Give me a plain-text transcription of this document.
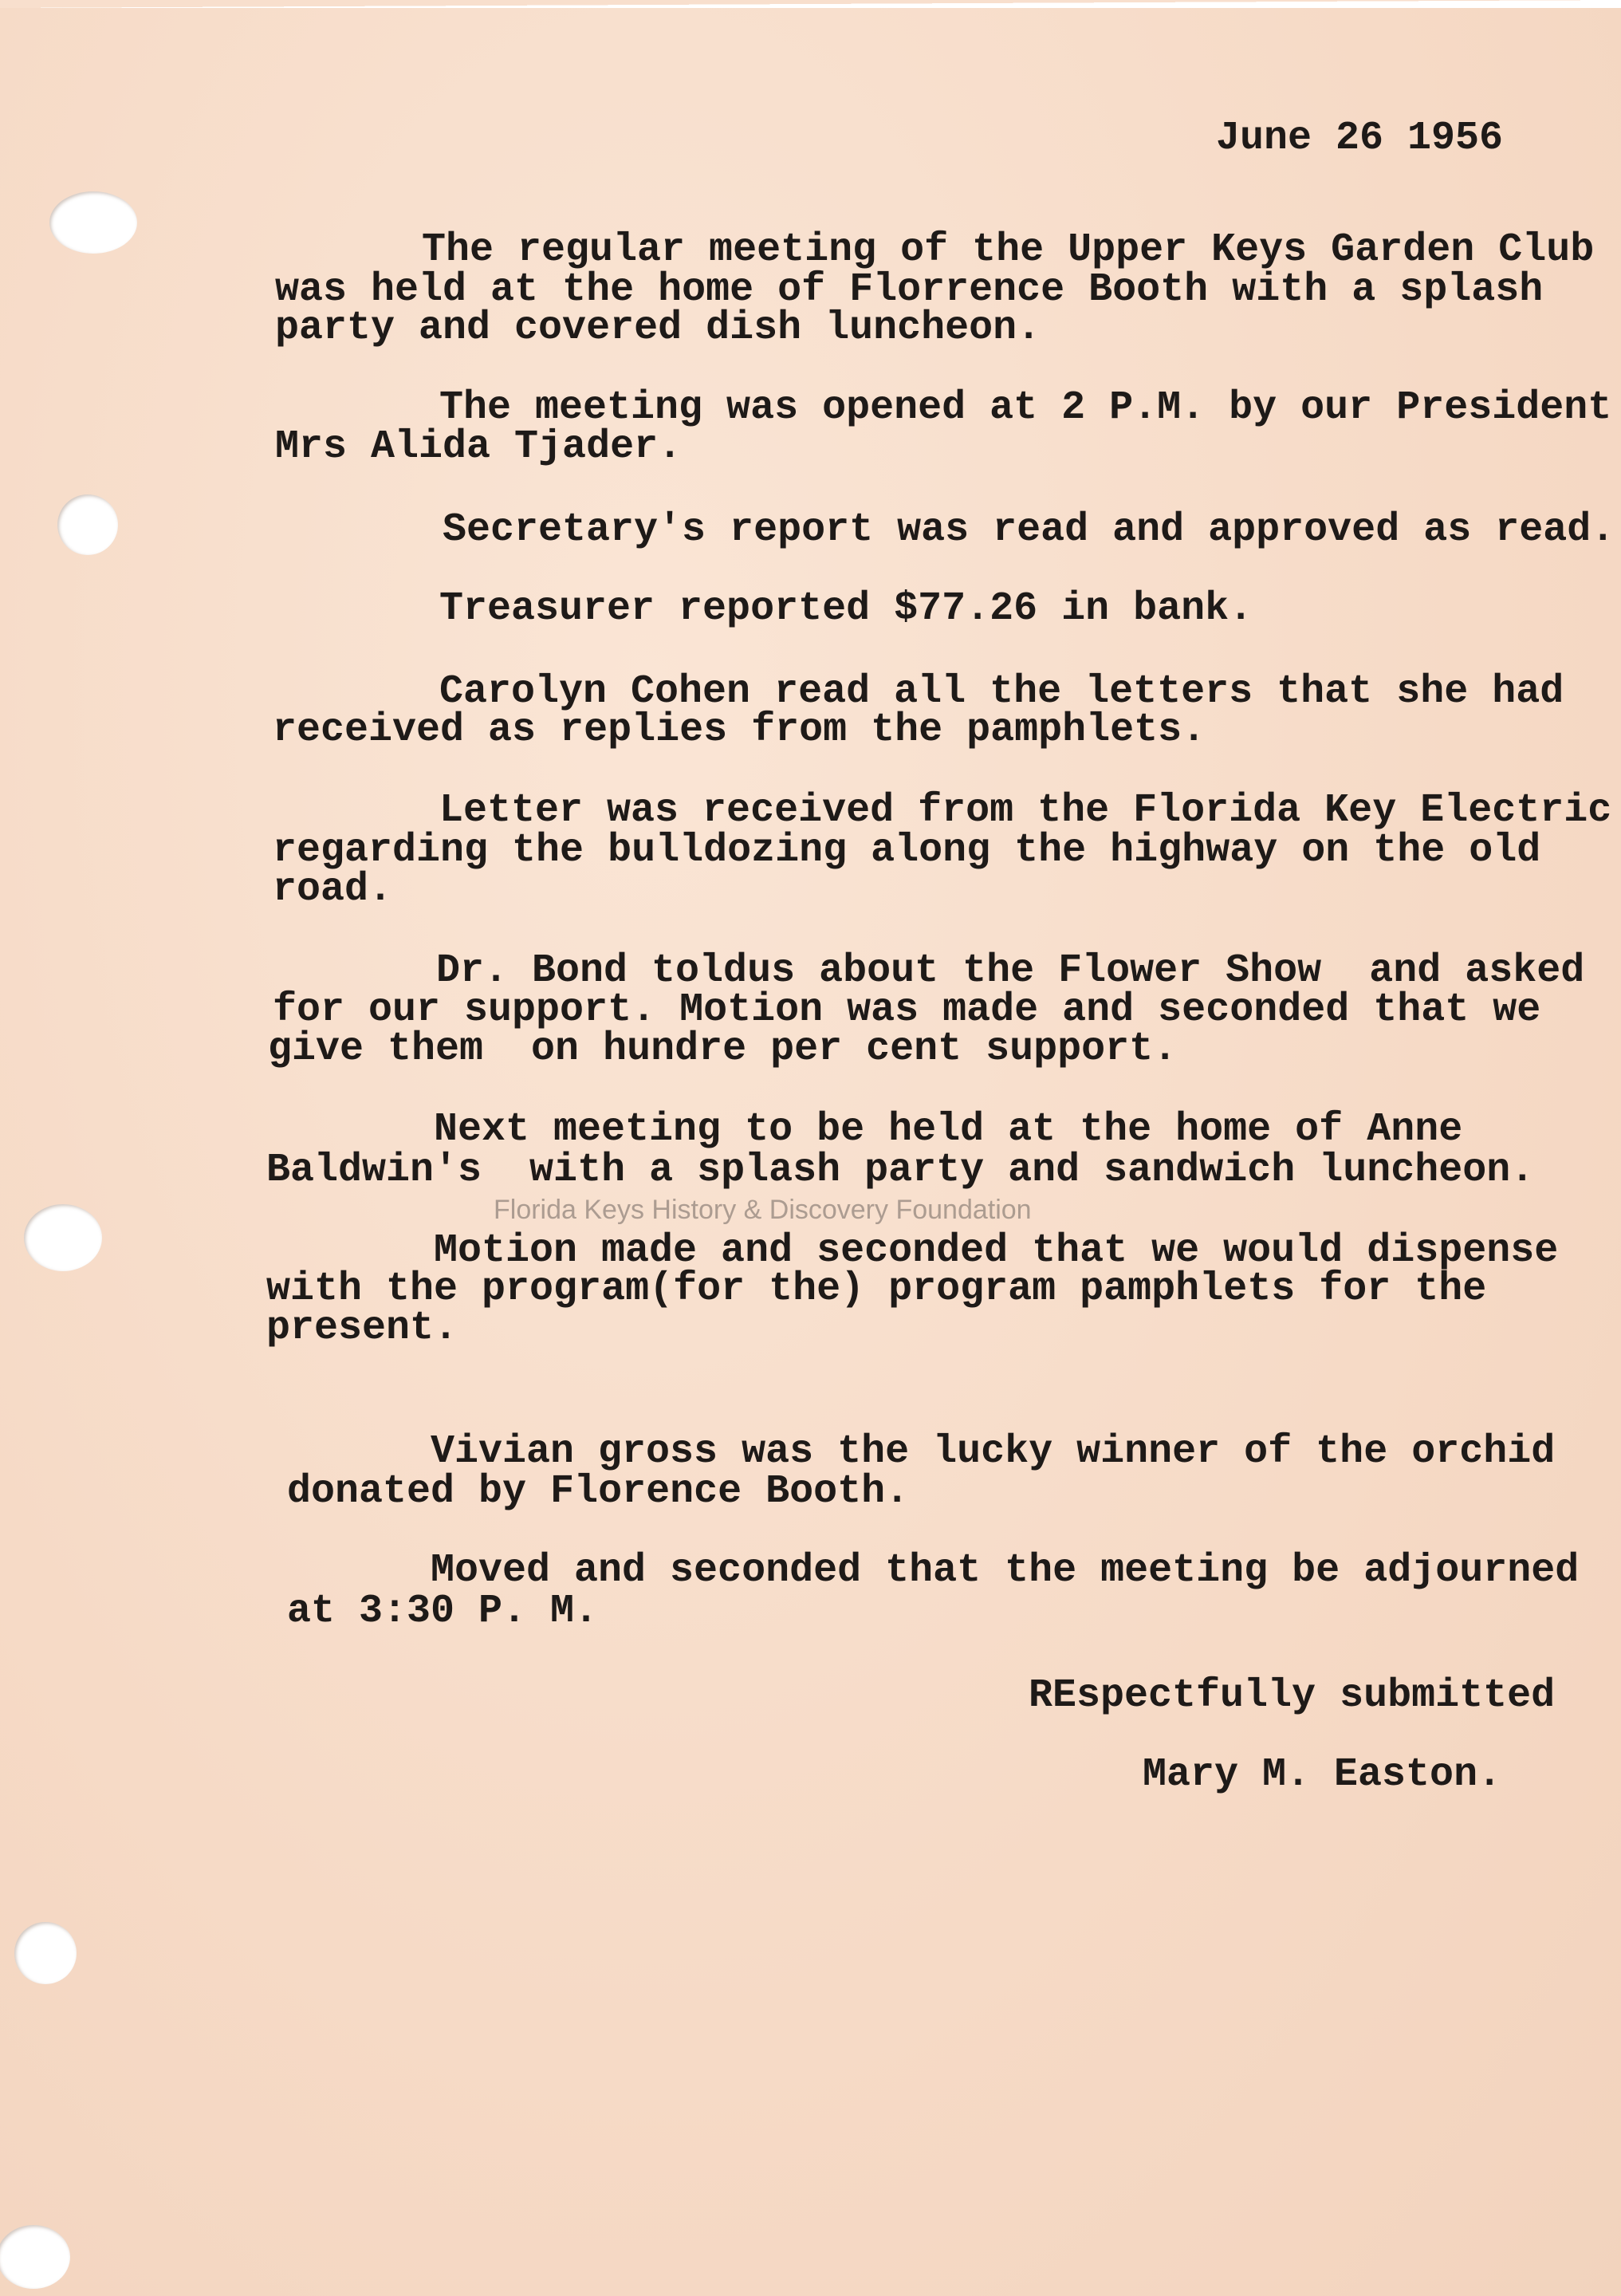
June 26 1956
The regular meeting of the Upper Keys Garden Club
was held at the home of Florrence Booth with a splash
party and covered dish luncheon.
The meeting was opened at 2 P.M. by our President
Mrs Alida Tjader.
Secretary's report was read and approved as read.
Treasurer reported $77.26 in bank.
Carolyn Cohen read all the letters that she had
received as replies from the pamphlets.
Letter was received from the Florida Key Electric
regarding the bulldozing along the highway on the old
road.
Dr. Bond toldus about the Flower Show  and asked
for our support. Motion was made and seconded that we
give them  on hundre per cent support.
Next meeting to be held at the home of Anne
Baldwin's  with a splash party and sandwich luncheon.
Florida Keys History & Discovery Foundation
Motion made and seconded that we would dispense
with the program(for the) program pamphlets for the
present.
Vivian gross was the lucky winner of the orchid
donated by Florence Booth.
Moved and seconded that the meeting be adjourned
at 3:30 P. M.
REspectfully submitted
Mary M. Easton.
